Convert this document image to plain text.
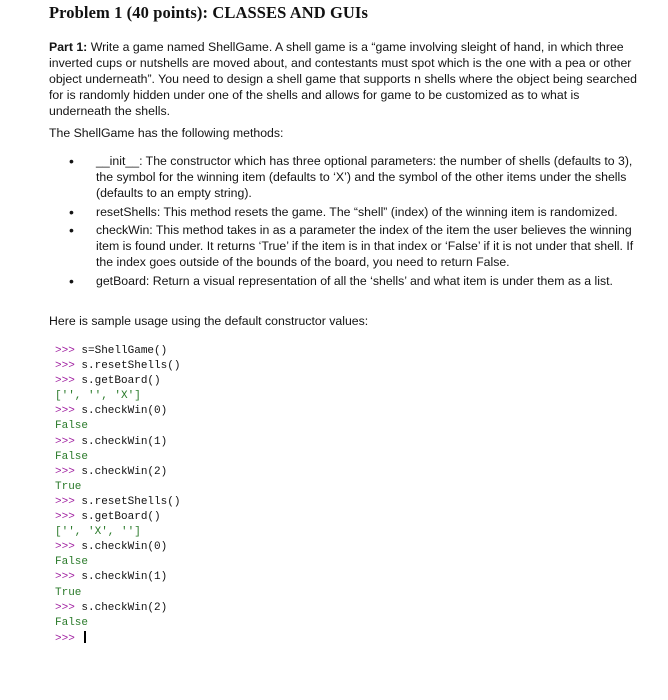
Problem 1 (40 points): CLASSES AND GUIs

Part 1: Write a game named ShellGame. A shell game is a “game involving sleight of hand, in which three inverted cups or nutshells are moved about, and contestants must spot which is the one with a pea or other object underneath”. You need to design a shell game that supports n shells where the object being searched for is randomly hidden under one of the shells and allows for game to be customized as to what is underneath the shells.

The ShellGame has the following methods:

• __init__: The constructor which has three optional parameters: the number of shells (defaults to 3), the symbol for the winning item (defaults to ‘X’) and the symbol of the other items under the shells (defaults to an empty string).
• resetShells: This method resets the game. The “shell” (index) of the winning item is randomized.
• checkWin: This method takes in as a parameter the index of the item the user believes the winning item is found under. It returns ‘True’ if the item is in that index or ‘False’ if it is not under that shell. If the index goes outside of the bounds of the board, you need to return False.
• getBoard: Return a visual representation of all the ‘shells’ and what item is under them as a list.

Here is sample usage using the default constructor values:

>>> s=ShellGame()
>>> s.resetShells()
>>> s.getBoard()
['', '', 'X']
>>> s.checkWin(0)
False
>>> s.checkWin(1)
False
>>> s.checkWin(2)
True
>>> s.resetShells()
>>> s.getBoard()
['', 'X', '']
>>> s.checkWin(0)
False
>>> s.checkWin(1)
True
>>> s.checkWin(2)
False
>>>
